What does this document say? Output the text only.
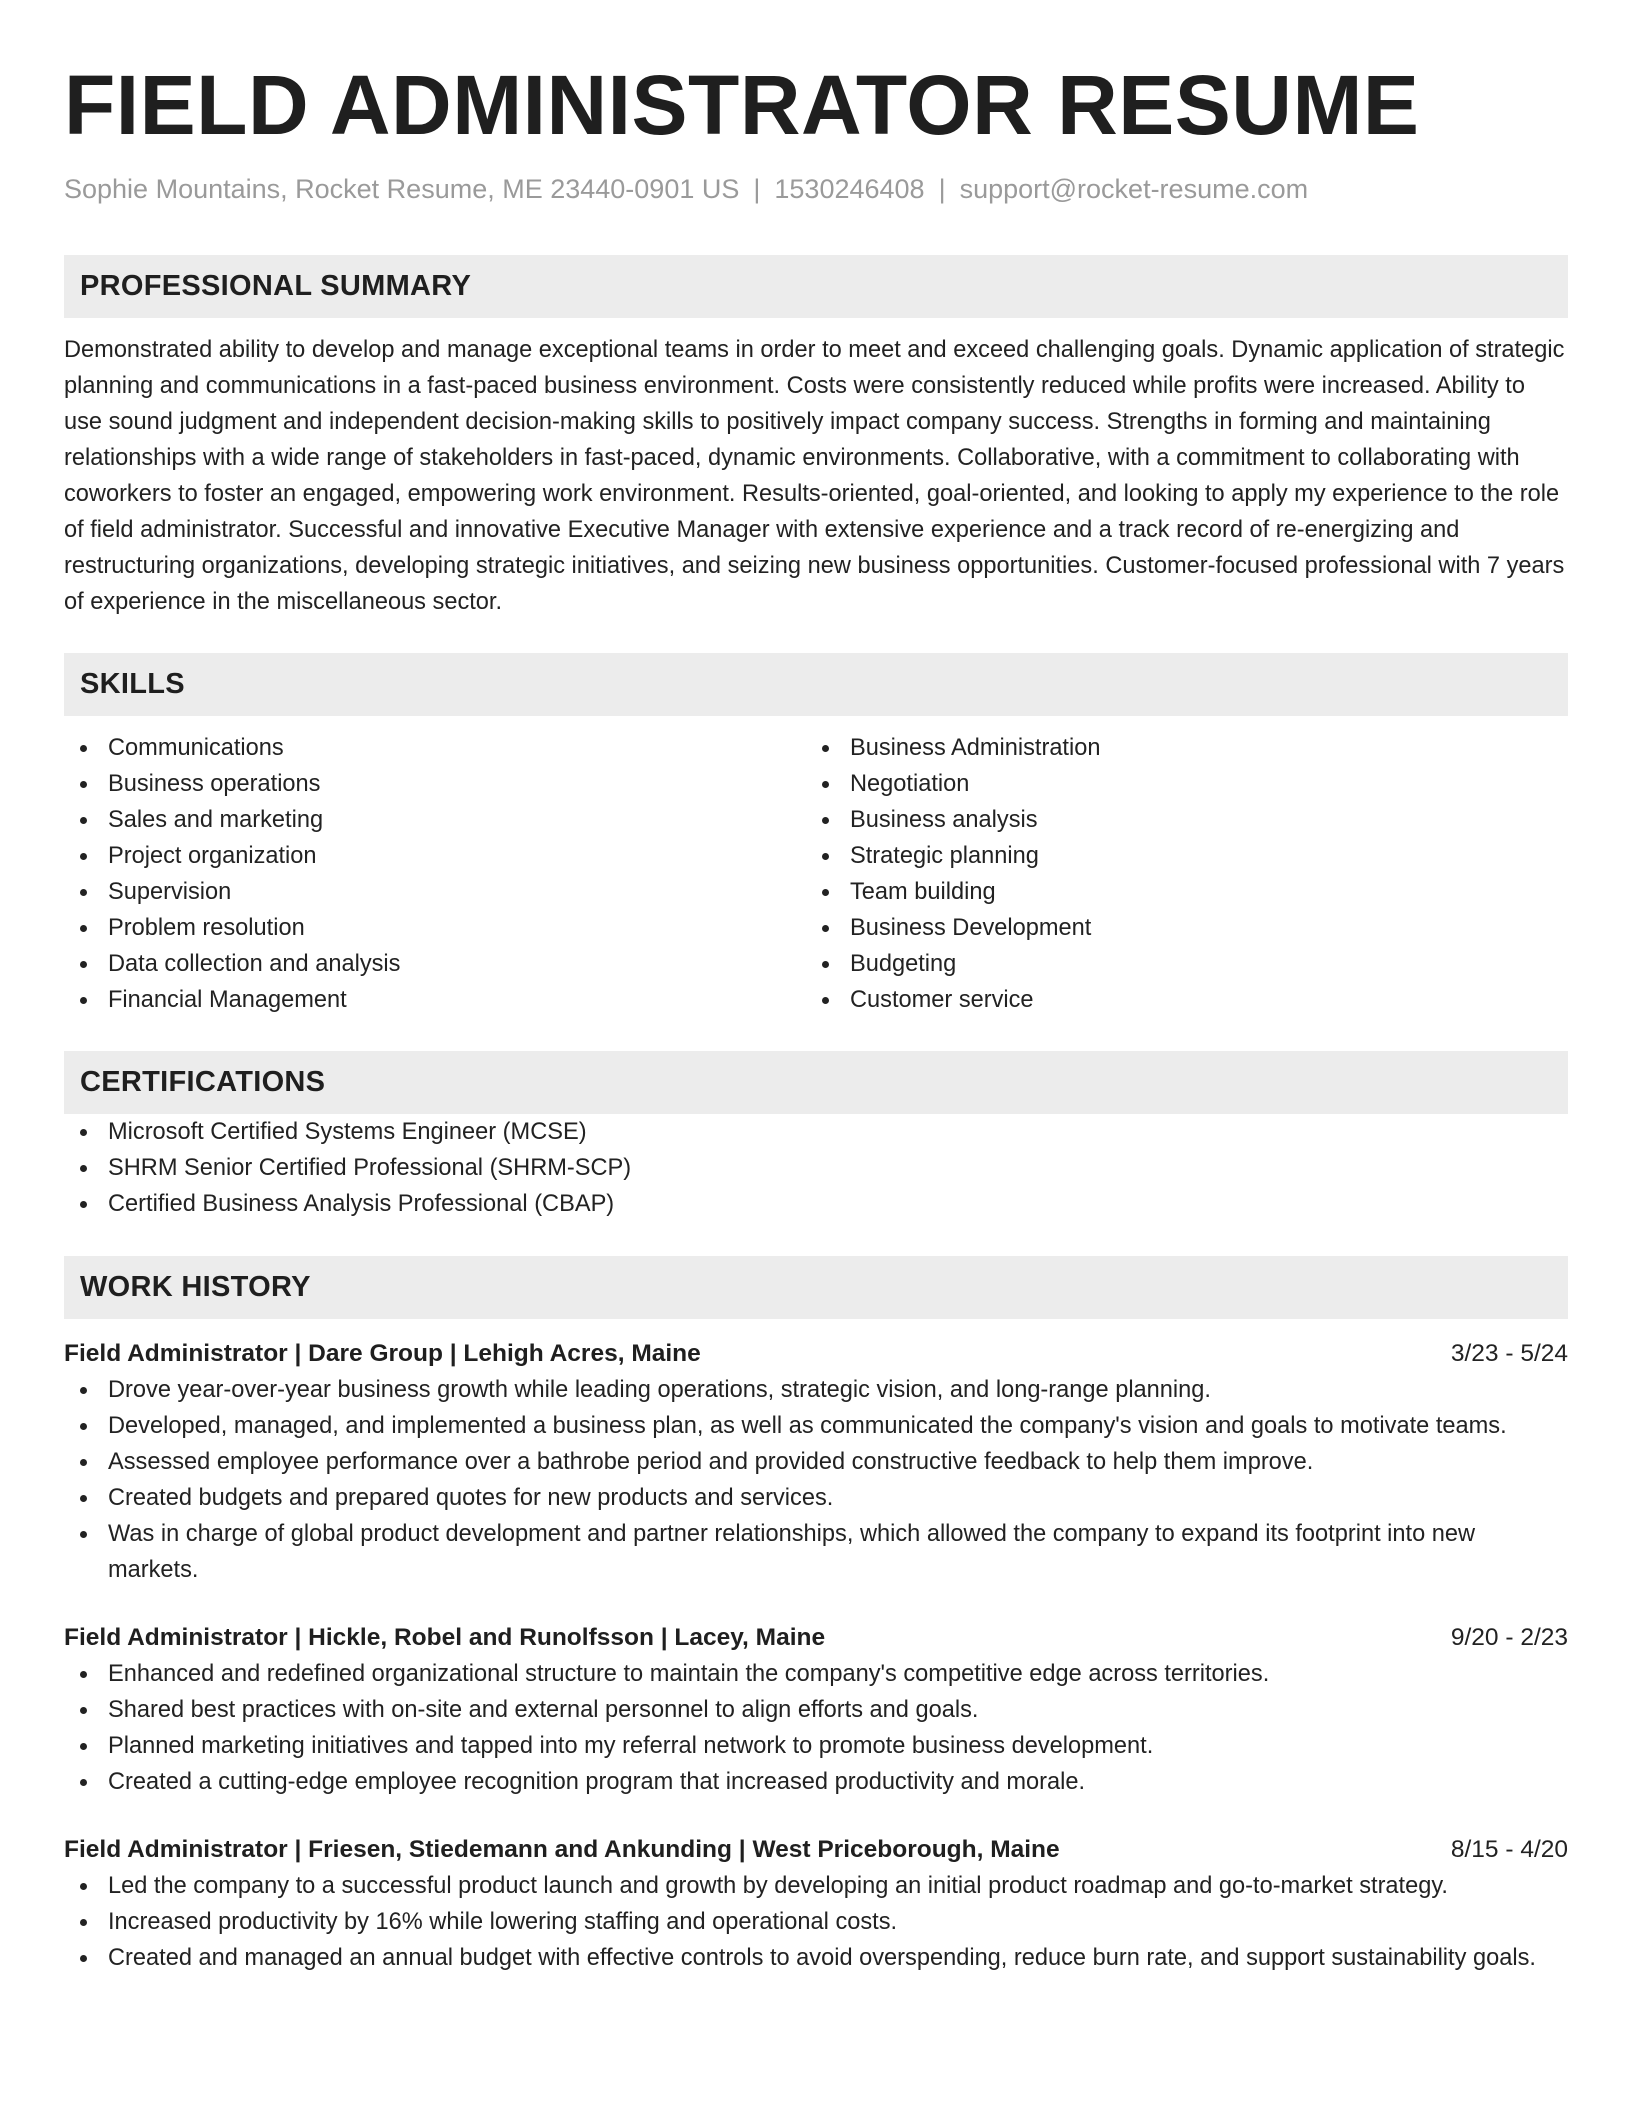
FIELD ADMINISTRATOR RESUME
Sophie Mountains, Rocket Resume, ME 23440-0901 US | 1530246408 | support@rocket-resume.com
PROFESSIONAL SUMMARY
Demonstrated ability to develop and manage exceptional teams in order to meet and exceed challenging goals. Dynamic application of strategic planning and communications in a fast-paced business environment. Costs were consistently reduced while profits were increased. Ability to use sound judgment and independent decision-making skills to positively impact company success. Strengths in forming and maintaining relationships with a wide range of stakeholders in fast-paced, dynamic environments. Collaborative, with a commitment to collaborating with coworkers to foster an engaged, empowering work environment. Results-oriented, goal-oriented, and looking to apply my experience to the role of field administrator. Successful and innovative Executive Manager with extensive experience and a track record of re-energizing and restructuring organizations, developing strategic initiatives, and seizing new business opportunities. Customer-focused professional with 7 years of experience in the miscellaneous sector.
SKILLS
Communications
Business operations
Sales and marketing
Project organization
Supervision
Problem resolution
Data collection and analysis
Financial Management
Business Administration
Negotiation
Business analysis
Strategic planning
Team building
Business Development
Budgeting
Customer service
CERTIFICATIONS
Microsoft Certified Systems Engineer (MCSE)
SHRM Senior Certified Professional (SHRM-SCP)
Certified Business Analysis Professional (CBAP)
WORK HISTORY
Field Administrator | Dare Group | Lehigh Acres, Maine	3/23 - 5/24
Drove year-over-year business growth while leading operations, strategic vision, and long-range planning.
Developed, managed, and implemented a business plan, as well as communicated the company's vision and goals to motivate teams.
Assessed employee performance over a bathrobe period and provided constructive feedback to help them improve.
Created budgets and prepared quotes for new products and services.
Was in charge of global product development and partner relationships, which allowed the company to expand its footprint into new markets.
Field Administrator | Hickle, Robel and Runolfsson | Lacey, Maine	9/20 - 2/23
Enhanced and redefined organizational structure to maintain the company's competitive edge across territories.
Shared best practices with on-site and external personnel to align efforts and goals.
Planned marketing initiatives and tapped into my referral network to promote business development.
Created a cutting-edge employee recognition program that increased productivity and morale.
Field Administrator | Friesen, Stiedemann and Ankunding | West Priceborough, Maine	8/15 - 4/20
Led the company to a successful product launch and growth by developing an initial product roadmap and go-to-market strategy.
Increased productivity by 16% while lowering staffing and operational costs.
Created and managed an annual budget with effective controls to avoid overspending, reduce burn rate, and support sustainability goals.
